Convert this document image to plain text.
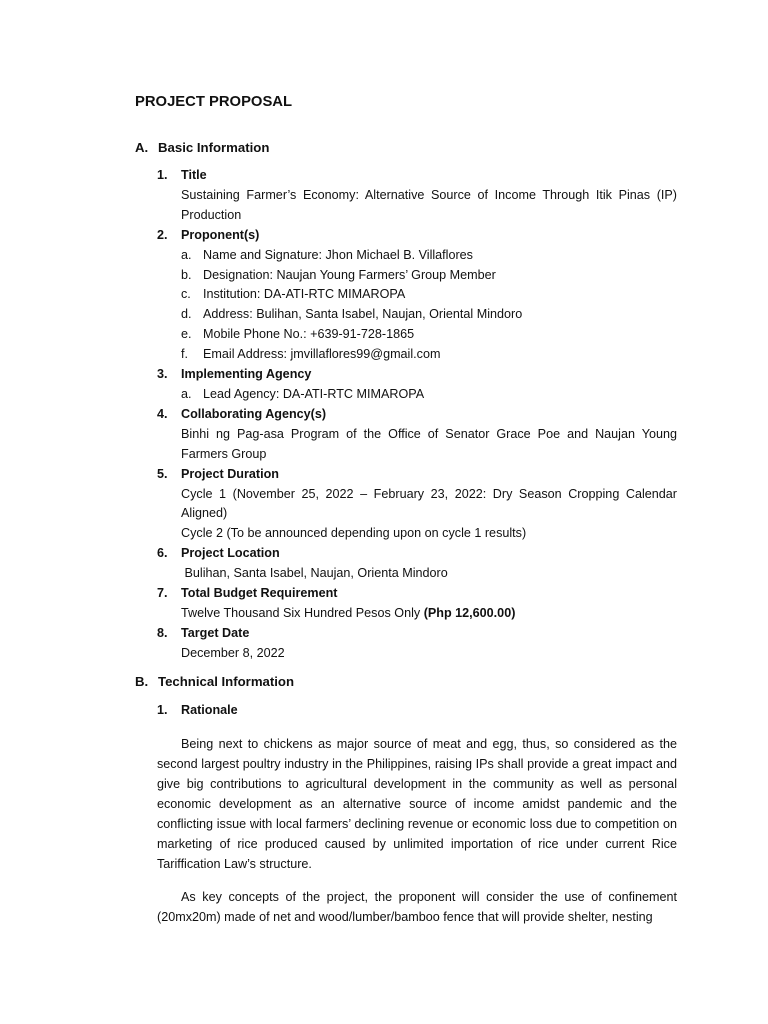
PROJECT PROPOSAL
A. Basic Information
1. Title
Sustaining Farmer’s Economy: Alternative Source of Income Through Itik Pinas (IP) Production
2. Proponent(s)
a. Name and Signature: Jhon Michael B. Villaflores
b. Designation: Naujan Young Farmers’ Group Member
c. Institution: DA-ATI-RTC MIMAROPA
d. Address: Bulihan, Santa Isabel, Naujan, Oriental Mindoro
e. Mobile Phone No.: +639-91-728-1865
f. Email Address: jmvillaflores99@gmail.com
3. Implementing Agency
a. Lead Agency: DA-ATI-RTC MIMAROPA
4. Collaborating Agency(s)
Binhi ng Pag-asa Program of the Office of Senator Grace Poe and Naujan Young Farmers Group
5. Project Duration
Cycle 1 (November 25, 2022 – February 23, 2022: Dry Season Cropping Calendar Aligned)
Cycle 2 (To be announced depending upon on cycle 1 results)
6. Project Location
Bulihan, Santa Isabel, Naujan, Orienta Mindoro
7. Total Budget Requirement
Twelve Thousand Six Hundred Pesos Only (Php 12,600.00)
8. Target Date
December 8, 2022
B. Technical Information
1. Rationale
Being next to chickens as major source of meat and egg, thus, so considered as the second largest poultry industry in the Philippines, raising IPs shall provide a great impact and give big contributions to agricultural development in the community as well as personal economic development as an alternative source of income amidst pandemic and the conflicting issue with local farmers’ declining revenue or economic loss due to competition on marketing of rice produced caused by unlimited importation of rice under current Rice Tariffication Law’s structure.
As key concepts of the project, the proponent will consider the use of confinement (20mx20m) made of net and wood/lumber/bamboo fence that will provide shelter, nesting
